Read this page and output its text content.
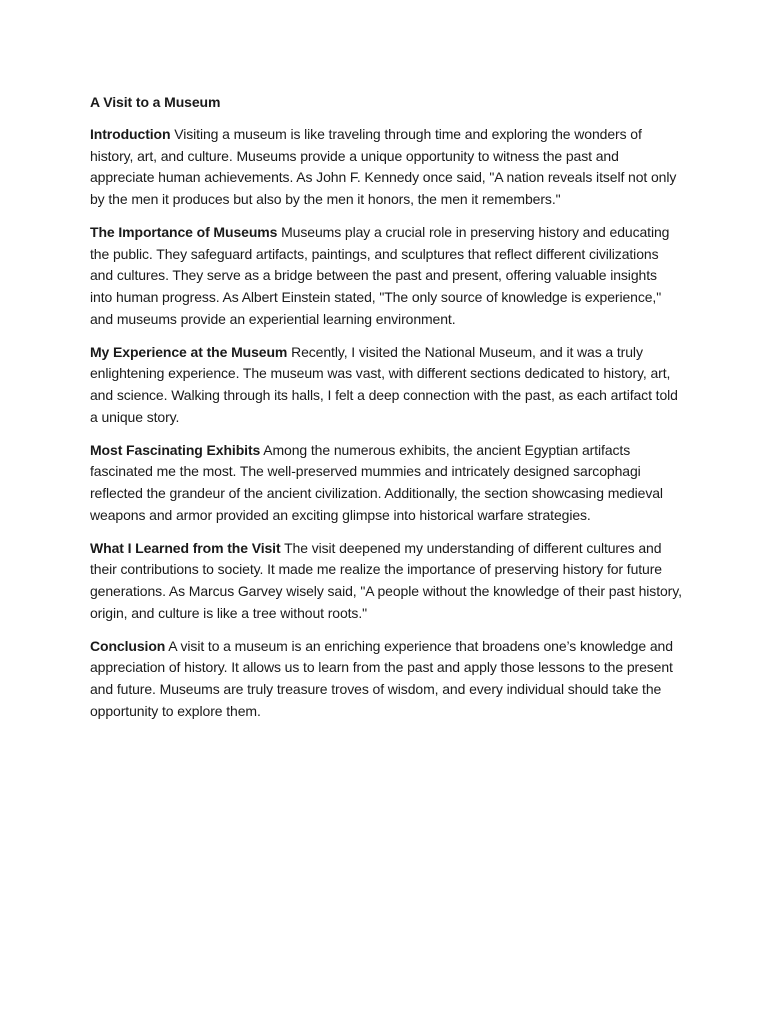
A Visit to a Museum

Introduction Visiting a museum is like traveling through time and exploring the wonders of history, art, and culture. Museums provide a unique opportunity to witness the past and appreciate human achievements. As John F. Kennedy once said, "A nation reveals itself not only by the men it produces but also by the men it honors, the men it remembers."

The Importance of Museums Museums play a crucial role in preserving history and educating the public. They safeguard artifacts, paintings, and sculptures that reflect different civilizations and cultures. They serve as a bridge between the past and present, offering valuable insights into human progress. As Albert Einstein stated, "The only source of knowledge is experience," and museums provide an experiential learning environment.

My Experience at the Museum Recently, I visited the National Museum, and it was a truly enlightening experience. The museum was vast, with different sections dedicated to history, art, and science. Walking through its halls, I felt a deep connection with the past, as each artifact told a unique story.

Most Fascinating Exhibits Among the numerous exhibits, the ancient Egyptian artifacts fascinated me the most. The well-preserved mummies and intricately designed sarcophagi reflected the grandeur of the ancient civilization. Additionally, the section showcasing medieval weapons and armor provided an exciting glimpse into historical warfare strategies.

What I Learned from the Visit The visit deepened my understanding of different cultures and their contributions to society. It made me realize the importance of preserving history for future generations. As Marcus Garvey wisely said, "A people without the knowledge of their past history, origin, and culture is like a tree without roots."

Conclusion A visit to a museum is an enriching experience that broadens one’s knowledge and appreciation of history. It allows us to learn from the past and apply those lessons to the present and future. Museums are truly treasure troves of wisdom, and every individual should take the opportunity to explore them.
